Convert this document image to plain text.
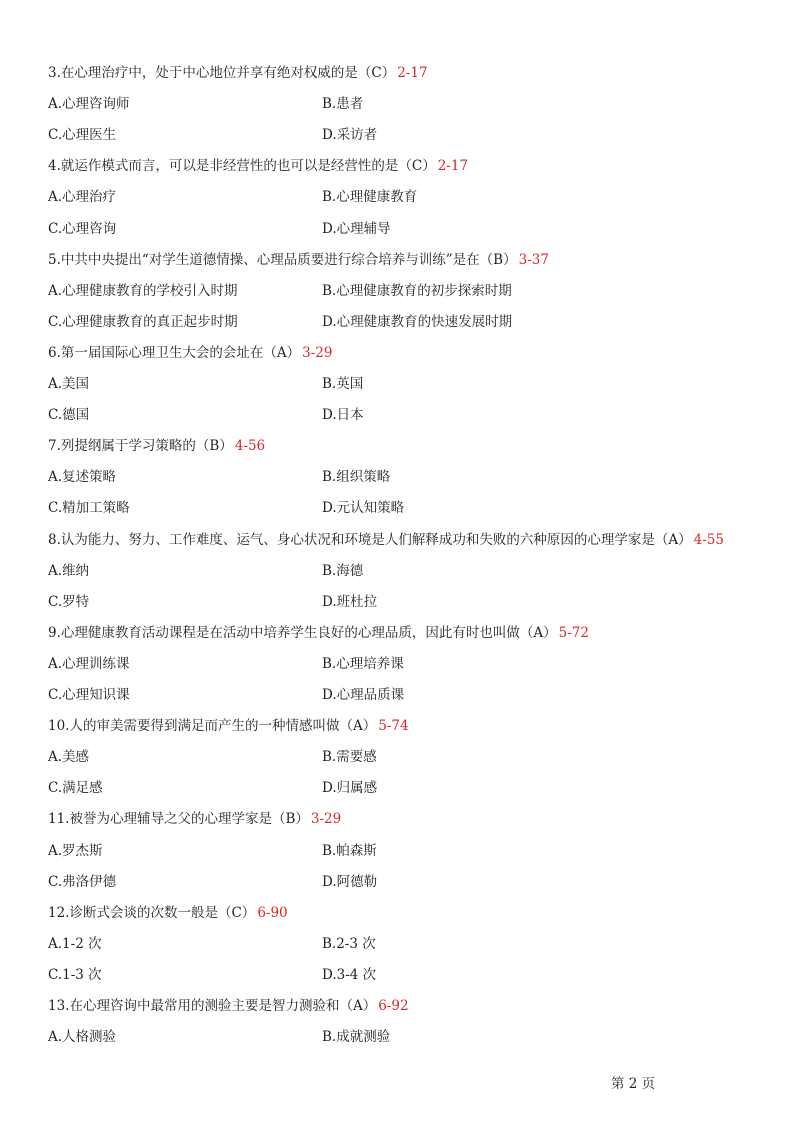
3.在心理治疗中，处于中心地位并享有绝对权威的是（C） 2-17
A.心理咨询师	B.患者
C.心理医生	D.采访者
4.就运作模式而言，可以是非经营性的也可以是经营性的是（C） 2-17
A.心理治疗	B.心理健康教育
C.心理咨询	D.心理辅导
5.中共中央提出“对学生道德情操、心理品质要进行综合培养与训练”是在（B） 3-37
A.心理健康教育的学校引入时期	B.心理健康教育的初步探索时期
C.心理健康教育的真正起步时期	D.心理健康教育的快速发展时期
6.第一届国际心理卫生大会的会址在（A） 3-29
A.美国	B.英国
C.德国	D.日本
7.列提纲属于学习策略的（B） 4-56
A.复述策略	B.组织策略
C.精加工策略	D.元认知策略
8.认为能力、努力、工作难度、运气、身心状况和环境是人们解释成功和失败的六种原因的心理学家是（A） 4-55
A.维纳	B.海德
C.罗特	D.班杜拉
9.心理健康教育活动课程是在活动中培养学生良好的心理品质，因此有时也叫做（A） 5-72
A.心理训练课	B.心理培养课
C.心理知识课	D.心理品质课
10.人的审美需要得到满足而产生的一种情感叫做（A） 5-74
A.美感	B.需要感
C.满足感	D.归属感
11.被誉为心理辅导之父的心理学家是（B） 3-29
A.罗杰斯	B.帕森斯
C.弗洛伊德	D.阿德勒
12.诊断式会谈的次数一般是（C） 6-90
A.1-2 次	B.2-3 次
C.1-3 次	D.3-4 次
13.在心理咨询中最常用的测验主要是智力测验和（A） 6-92
A.人格测验	B.成就测验
第 2 页
